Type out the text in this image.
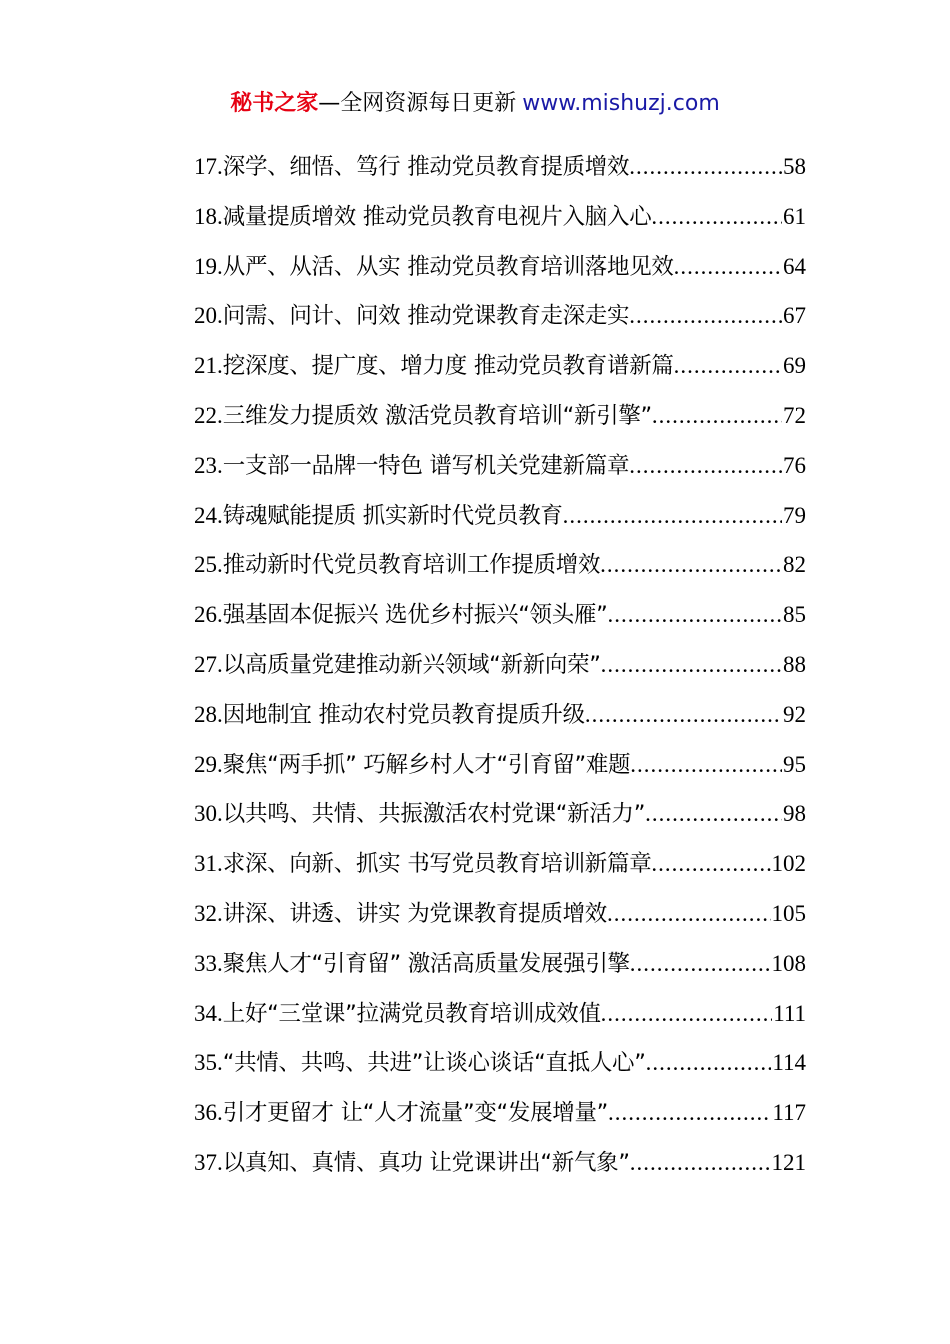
秘书之家—全网资源每日更新 www.mishuzj.com
17. 深学、细悟、笃行 推动党员教育提质增效 .....	58
18. 减量提质增效 推动党员教育电视片入脑入心 .....	61
19. 从严、从活、从实 推动党员教育培训落地见效 .....	64
20. 问需、问计、问效 推动党课教育走深走实 .....	67
21. 挖深度、提广度、增力度 推动党员教育谱新篇 .....	69
22. 三维发力提质效 激活党员教育培训“新引擎” .....	72
23. 一支部一品牌一特色 谱写机关党建新篇章 .....	76
24. 铸魂赋能提质 抓实新时代党员教育 .....	79
25. 推动新时代党员教育培训工作提质增效 .....	82
26. 强基固本促振兴 选优乡村振兴“领头雁” .....	85
27. 以高质量党建推动新兴领域“新新向荣” .....	88
28. 因地制宜 推动农村党员教育提质升级 .....	92
29. 聚焦“两手抓” 巧解乡村人才“引育留”难题 .....	95
30. 以共鸣、共情、共振激活农村党课“新活力” .....	98
31. 求深、向新、抓实 书写党员教育培训新篇章 .....	102
32. 讲深、讲透、讲实 为党课教育提质增效 .....	105
33. 聚焦人才“引育留” 激活高质量发展强引擎 .....	108
34. 上好“三堂课”拉满党员教育培训成效值 .....	111
35. “共情、共鸣、共进”让谈心谈话“直抵人心” .....	114
36. 引才更留才 让“人才流量”变“发展增量” .....	117
37. 以真知、真情、真功 让党课讲出“新气象” .....	121
